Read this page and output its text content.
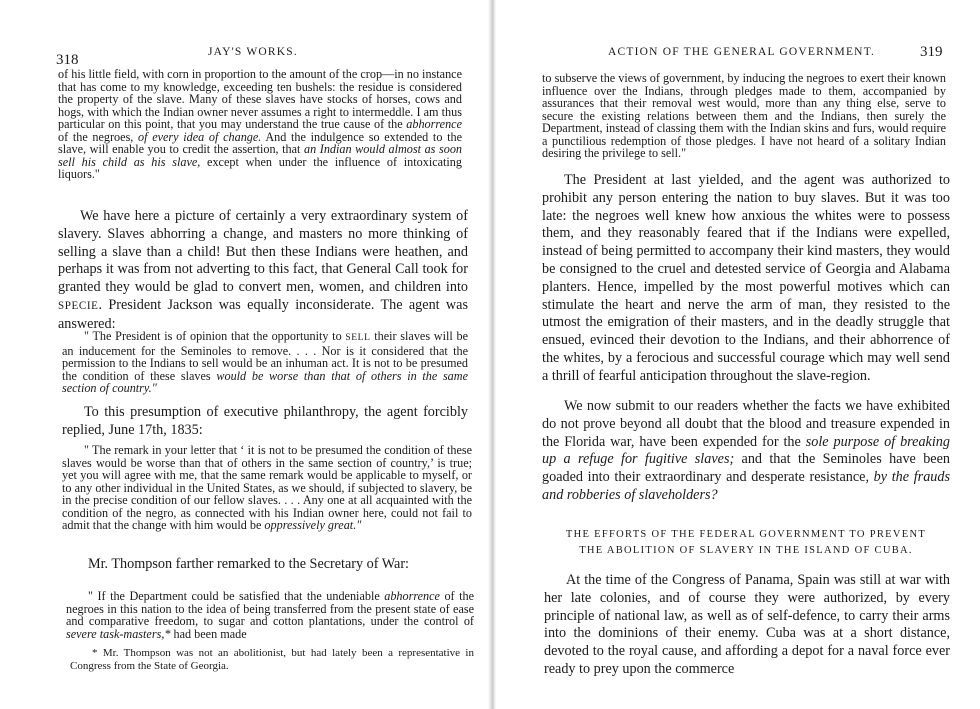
318	JAY'S WORKS.

of his little field, with corn in proportion to the amount of the crop—in no instance that has come to my knowledge, exceeding ten bushels: the residue is considered the property of the slave. Many of these slaves have stocks of horses, cows and hogs, with which the Indian owner never assumes a right to intermeddle. I am thus particular on this point, that you may understand the true cause of the abhorrence of the negroes, of every idea of change. And the indulgence so extended to the slave, will enable you to credit the assertion, that an Indian would almost as soon sell his child as his slave, except when under the influence of intoxicating liquors."

We have here a picture of certainly a very extraordinary system of slavery. Slaves abhorring a change, and masters no more thinking of selling a slave than a child! But then these Indians were heathen, and perhaps it was from not adverting to this fact, that General Call took for granted they would be glad to convert men, women, and children into SPECIE. President Jackson was equally inconsiderate. The agent was answered:

" The President is of opinion that the opportunity to SELL their slaves will be an inducement for the Seminoles to remove. . . . Nor is it considered that the permission to the Indians to sell would be an inhuman act. It is not to be presumed the condition of these slaves would be worse than that of others in the same section of country."

To this presumption of executive philanthropy, the agent forcibly replied, June 17th, 1835:

" The remark in your letter that ‘ it is not to be presumed the condition of these slaves would be worse than that of others in the same section of country,’ is true; yet you will agree with me, that the same remark would be applicable to myself, or to any other individual in the United States, as we should, if subjected to slavery, be in the precise condition of our fellow slaves. . . . Any one at all acquainted with the condition of the negro, as connected with his Indian owner here, could not fail to admit that the change with him would be oppressively great."

Mr. Thompson farther remarked to the Secretary of War:

" If the Department could be satisfied that the undeniable abhorrence of the negroes in this nation to the idea of being transferred from the present state of ease and comparative freedom, to sugar and cotton plantations, under the control of severe task-masters,* had been made

* Mr. Thompson was not an abolitionist, but had lately been a representative in Congress from the State of Georgia.

ACTION OF THE GENERAL GOVERNMENT.	319

to subserve the views of government, by inducing the negroes to exert their known influence over the Indians, through pledges made to them, accompanied by assurances that their removal west would, more than any thing else, serve to secure the existing relations between them and the Indians, then surely the Department, instead of classing them with the Indian skins and furs, would require a punctilious redemption of those pledges. I have not heard of a solitary Indian desiring the privilege to sell."

The President at last yielded, and the agent was authorized to prohibit any person entering the nation to buy slaves. But it was too late: the negroes well knew how anxious the whites were to possess them, and they reasonably feared that if the Indians were expelled, instead of being permitted to accompany their kind masters, they would be consigned to the cruel and detested service of Georgia and Alabama planters. Hence, impelled by the most powerful motives which can stimulate the heart and nerve the arm of man, they resisted to the utmost the emigration of their masters, and in the deadly struggle that ensued, evinced their devotion to the Indians, and their abhorrence of the whites, by a ferocious and successful courage which may well send a thrill of fearful anticipation throughout the slave-region.

We now submit to our readers whether the facts we have exhibited do not prove beyond all doubt that the blood and treasure expended in the Florida war, have been expended for the sole purpose of breaking up a refuge for fugitive slaves; and that the Seminoles have been goaded into their extraordinary and desperate resistance, by the frauds and robberies of slaveholders?

THE EFFORTS OF THE FEDERAL GOVERNMENT TO PREVENT
THE ABOLITION OF SLAVERY IN THE ISLAND OF CUBA.

At the time of the Congress of Panama, Spain was still at war with her late colonies, and of course they were authorized, by every principle of national law, as well as of self-defence, to carry their arms into the dominions of their enemy. Cuba was at a short distance, devoted to the royal cause, and affording a depot for a naval force ever ready to prey upon the commerce
